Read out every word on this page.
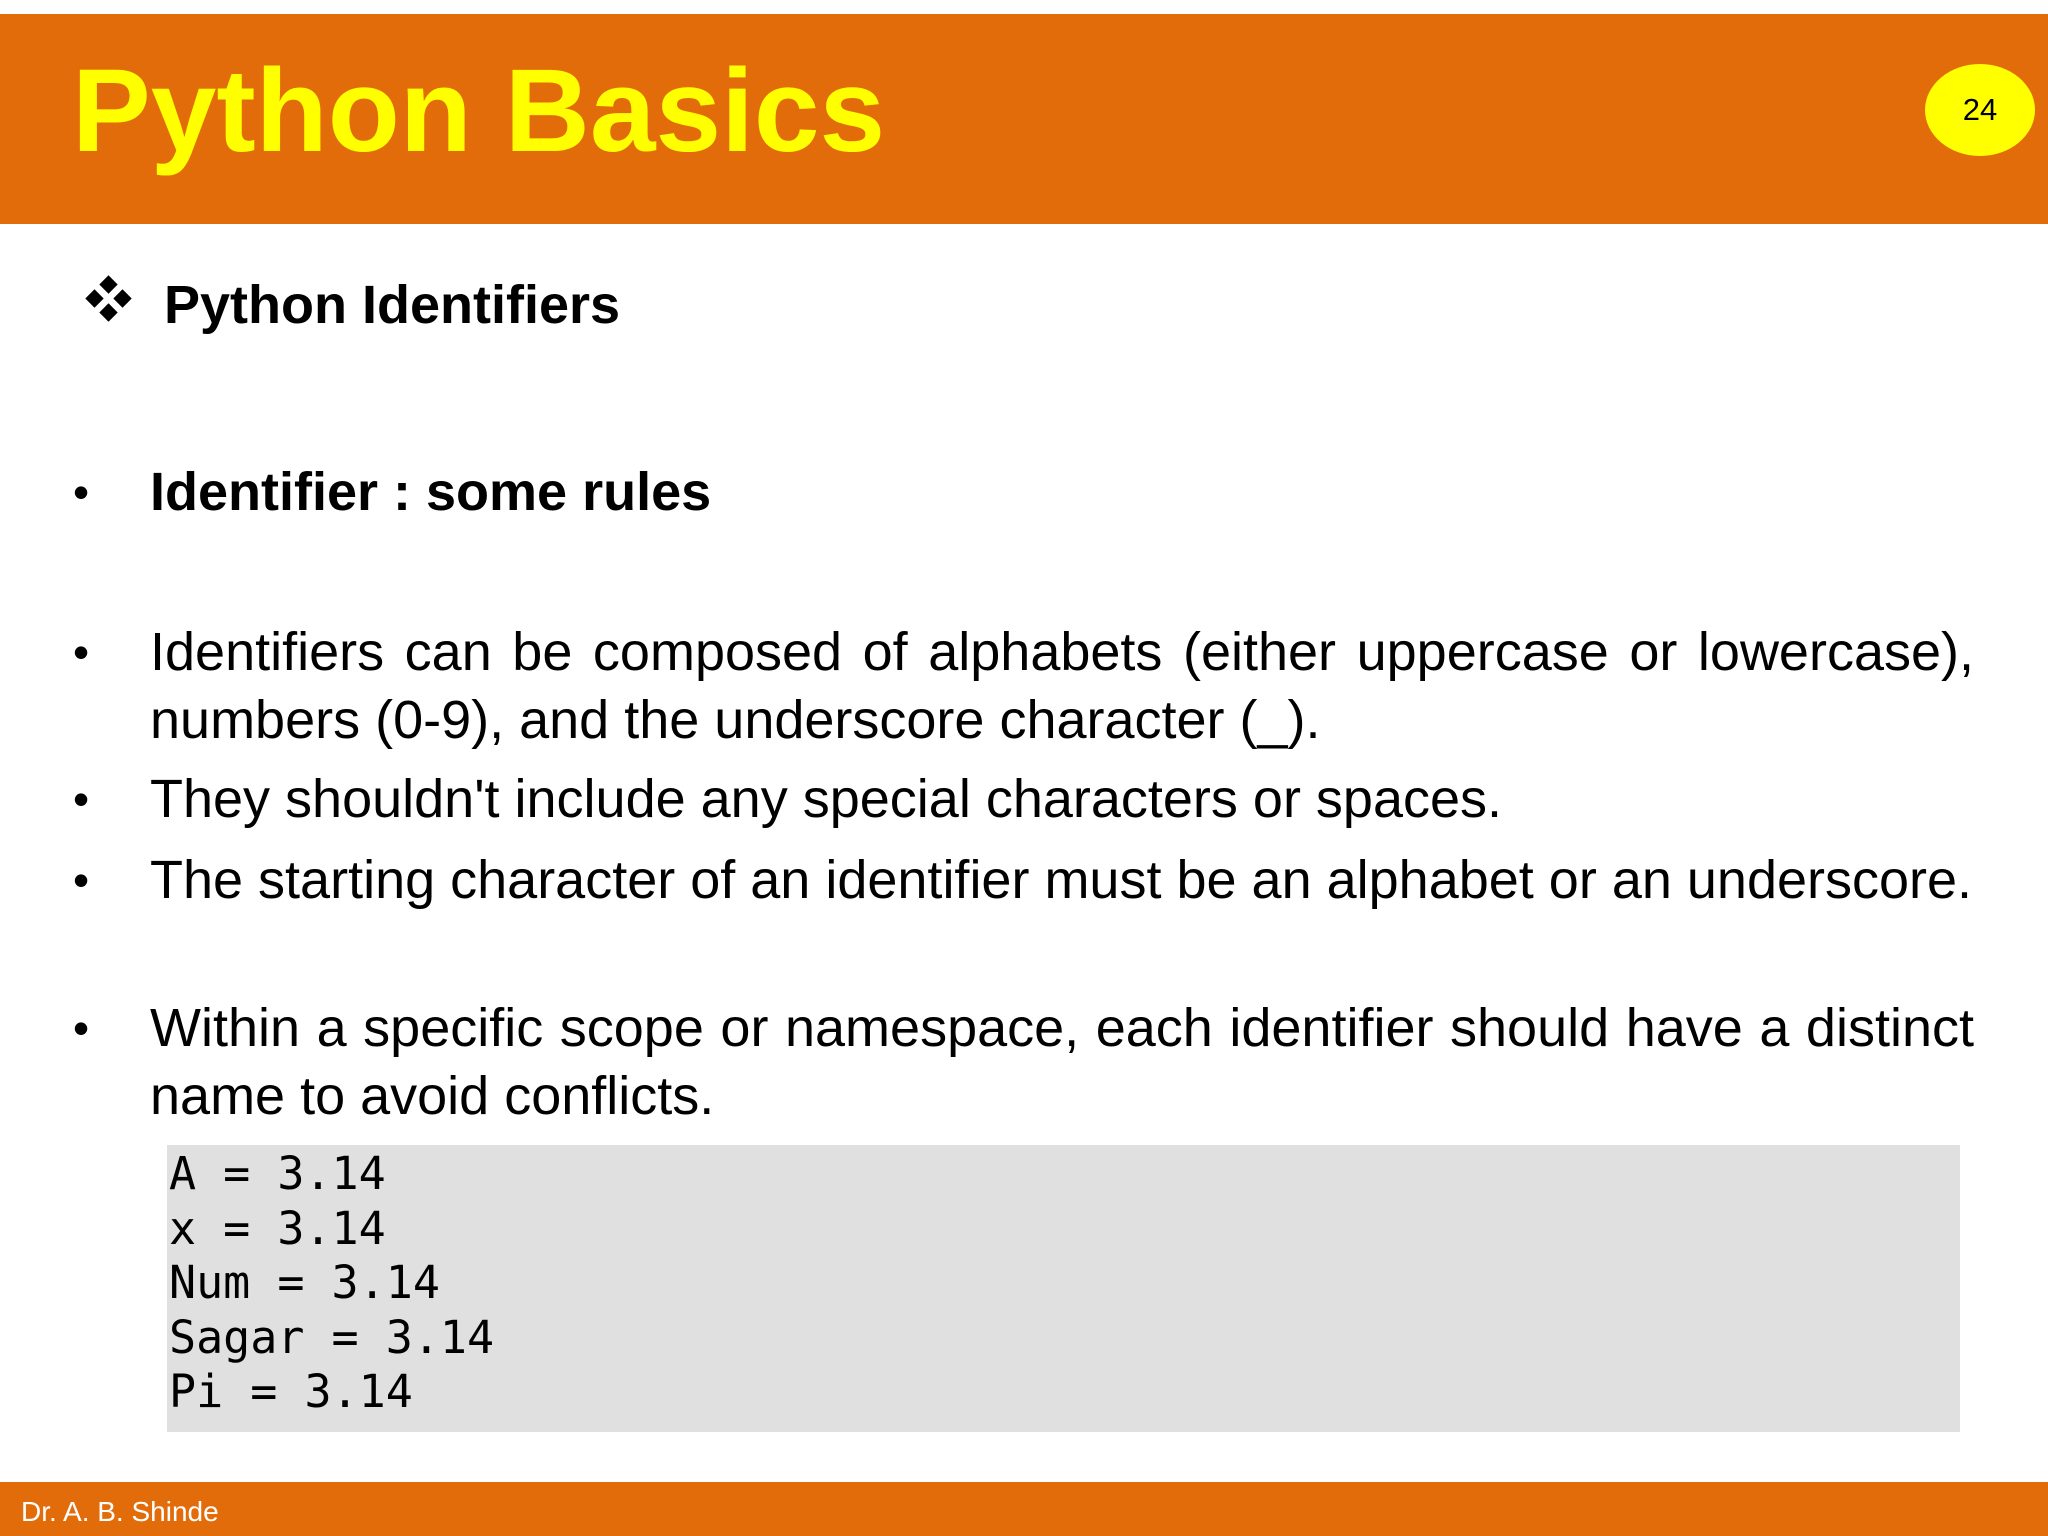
Python Basics	24
Python Identifiers
• Identifier : some rules
• Identifiers can be composed of alphabets (either uppercase or lowercase), numbers (0-9), and the underscore character (_).
• They shouldn't include any special characters or spaces.
• The starting character of an identifier must be an alphabet or an underscore.
• Within a specific scope or namespace, each identifier should have a distinct name to avoid conflicts.
A = 3.14
x = 3.14
Num = 3.14
Sagar = 3.14
Pi = 3.14
Dr. A. B. Shinde
